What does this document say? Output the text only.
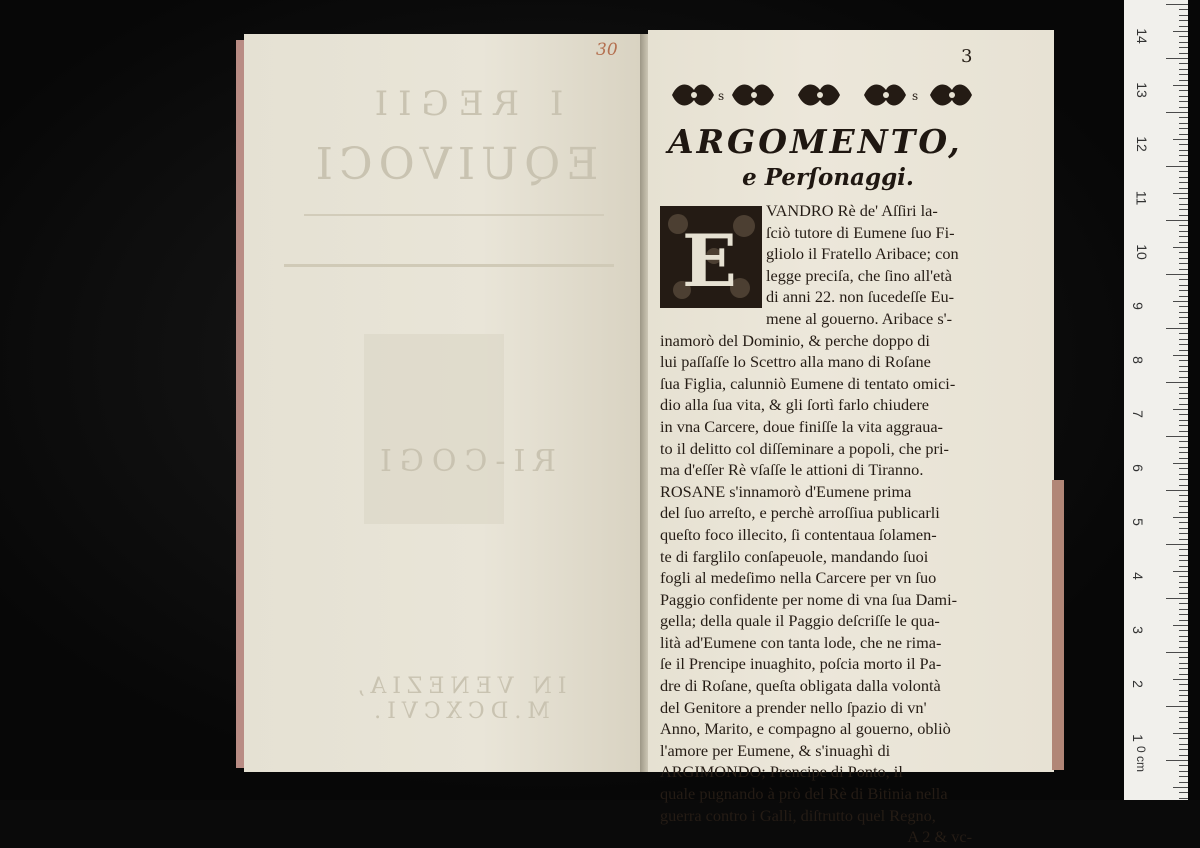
I REGII
EQUIVOCI
RI-COGI
IN VENEZIA, M.DCXCVI.
30	3
s	s
ARGOMENTO,
e Perſonaggi.
E
VANDRO Rè de' Aſſiri la-
ſciò tutore di Eumene ſuo Fi-
gliolo il Fratello Aribace; con
legge preciſa, che ſino all'età
di anni 22. non ſucedeſſe Eu-
mene al gouerno. Aribace s'-
inamorò del Dominio, & perche doppo di
lui paſſaſſe lo Scettro alla mano di Roſane
ſua Figlia, calunniò Eumene di tentato omici-
dio alla ſua vita, & gli ſortì farlo chiudere
in vna Carcere, doue finiſſe la vita aggraua-
to il delitto col diſſeminare a popoli, che pri-
ma d'eſſer Rè vſaſſe le attioni di Tiranno.
ROSANE s'innamorò d'Eumene prima
del ſuo arreſto, e perchè arroſſiua publicarli
queſto foco illecito, ſi contentaua ſolamen-
te di farglilo conſapeuole, mandando ſuoi
fogli al medeſimo nella Carcere per vn ſuo
Paggio confidente per nome di vna ſua Dami-
gella; della quale il Paggio deſcriſſe le qua-
lità ad'Eumene con tanta lode, che ne rima-
ſe il Prencipe inuaghito, poſcia morto il Pa-
dre di Roſane, queſta obligata dalla volontà
del Genitore a prender nello ſpazio di vn'
Anno, Marito, e compagno al gouerno, obliò
l'amore per Eumene, & s'inuaghì di
ARGIMONDO; Prencipe di Ponto, il
quale pugnando à prò del Rè di Bitinia nella
guerra contro i Galli, diſtrutto quel Regno,
A 2 & vc-
14
13
12
11
10
9
8
7
6
5
4
3
2
1
0 cm
